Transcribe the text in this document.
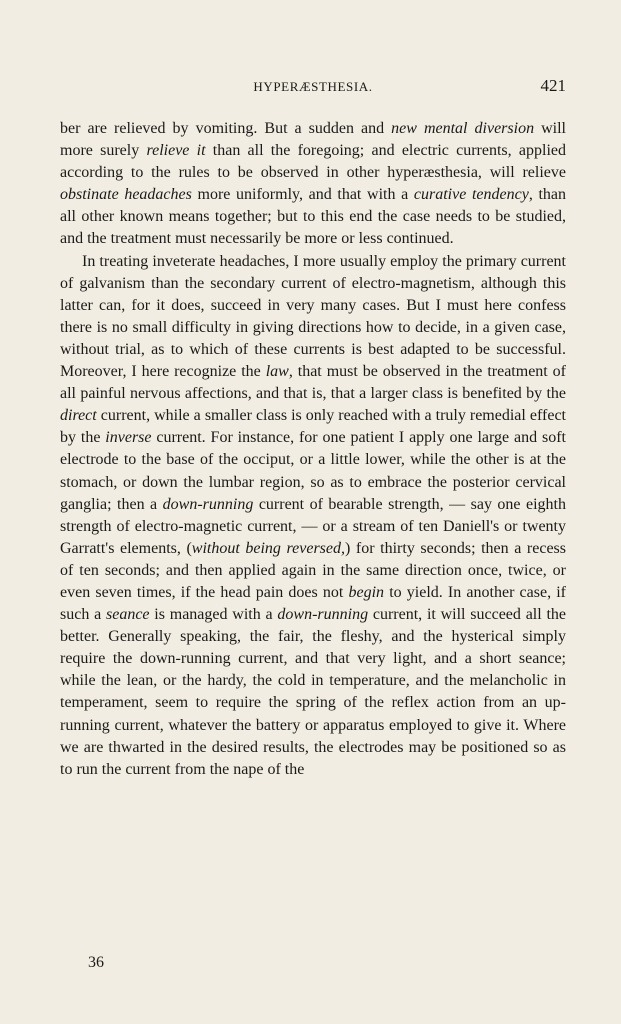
HYPERÆSTHESIA.	421

ber are relieved by vomiting. But a sudden and new mental diversion will more surely relieve it than all the foregoing; and electric currents, applied according to the rules to be observed in other hyperæsthesia, will relieve obstinate headaches more uniformly, and that with a curative tendency, than all other known means together; but to this end the case needs to be studied, and the treatment must necessarily be more or less continued.

In treating inveterate headaches, I more usually employ the primary current of galvanism than the secondary current of electro-magnetism, although this latter can, for it does, succeed in very many cases. But I must here confess there is no small difficulty in giving directions how to decide, in a given case, without trial, as to which of these currents is best adapted to be successful. Moreover, I here recognize the law, that must be observed in the treatment of all painful nervous affections, and that is, that a larger class is benefited by the direct current, while a smaller class is only reached with a truly remedial effect by the inverse current. For instance, for one patient I apply one large and soft electrode to the base of the occiput, or a little lower, while the other is at the stomach, or down the lumbar region, so as to embrace the posterior cervical ganglia; then a down-running current of bearable strength, — say one eighth strength of electro-magnetic current, — or a stream of ten Daniell's or twenty Garratt's elements, (without being reversed,) for thirty seconds; then a recess of ten seconds; and then applied again in the same direction once, twice, or even seven times, if the head pain does not begin to yield. In another case, if such a seance is managed with a down-running current, it will succeed all the better. Generally speaking, the fair, the fleshy, and the hysterical simply require the down-running current, and that very light, and a short seance; while the lean, or the hardy, the cold in temperature, and the melancholic in temperament, seem to require the spring of the reflex action from an up-running current, whatever the battery or apparatus employed to give it. Where we are thwarted in the desired results, the electrodes may be positioned so as to run the current from the nape of the

36
